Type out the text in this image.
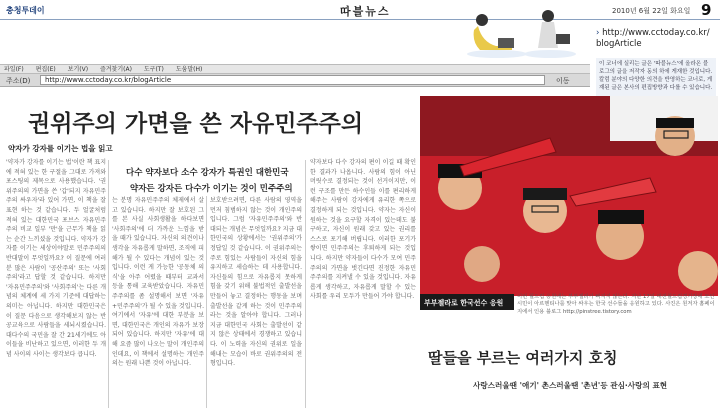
충청투데이	따블뉴스	2010년 6월 22일 화요일 9
파일(F) 편집(E) 보기(V) 즐겨찾기(A) 도구(T) 도움말(H)
주소(D)	http://www.cctoday.co.kr/blogArticle	이동
› http://www.cctoday.co.kr/
blogArticle
이 코너에 실리는 글은 '따블뉴스'에 올라온 블로그의 글을 저작자 동의 하에 게재한 것입니다. 칼럼 분야의 다양한 의견을 반영하는 코너로, 게재된 글은 본사의 편집방향과 다를 수 있습니다.
권위주의 가면을 쓴 자유민주주의
약자가 강자를 이기는 법을 읽고
다수 약자보다 소수 강자가 특권인 대한민국
약자든 강자든 다수가 이기는 것이 민주주의
'약자가 강자를 이기는 법'이란 책 표지에 적혀 있는 한 구절을 그대로 가져와 포스팅의 제목으로 사용했습니다. '권위주의의 가면을 쓴 '갑'되지 자유민주주의 싸우자'라 있어 가면, 이 책을 잘 표현 하는 것 같습니다. 두 얼굴처럼 적혀 있는 대한민국 포브스 자유민주주의 비교 일부 '만'을 근무가 책을 읽는 순간 느끼셨을 것입니다. 약자가 강자를 이기는 세상이야말로 민주주의의 반대말이 무엇일까요? 이 질문에 여러분 많은 사람이 '공산주의' 또는 '사회주의'라고 답할 것 같습니다. 하지만 '자유민주주의'와 '사회주의'는 다른 개념의 체계에 세 가지 기준에 대답하는 의미는 아닙니다. 하지만 대한민국은 이 질문 다음으로 생각해보지 않는 반공교육으로 사람들을 세뇌시켰습니다. 대다수의 국민을 잘 간 21세기에도 아이들을 비난하고 있으면, 이러한 두 개념 사이의 사이는 생각보다 큽니다.
는 분명 자유민주주의 체제에서 살고 있습니다. 하지만 잘 보호된 그를 본 사실 사회생활을 하다보면 '사회주의'에 더 가까운 느낌을 받을 때가 있습니다. 자신의 의견이나 생각을 자유롭게 말하면, 조직에 피해가 될 수 있다는 개념이 있는 것입니다. 이런 게 가능한 '공동체 의식'을 아주 어렸을 때부터 교과서 등을 통해 교육받았습니다. 자유민주주의를 좀 설명해서 보면 '자유+민주주의'가 될 수 있을 것입니다. 여기에서 '자유'에 대한 부분을 보면, 대한민국은 개인의 자유가 보장되어 있습니다. 하지만 '자유'에 대해 요즘 많이 나오는 말이 개인주의인데요, 이 책에서 설명하는 개인주의는 원래 나쁜 것이 아닙니다.
보호받으려면, 다른 사람의 영역을 먼저 침범하지 않는 것이 개인주의입니다. 그럼 '자유민주주의'와 반대되는 개념은 무엇일까요? 지금 대한민국의 상황에서는 '권위주의'가 정답일 것 같습니다. 이 권위주의는 주로 힘있는 사람들이 자신의 힘을 유지하고 세습하는 데 사용합니다. 자신들의 힘으로 자유롭지 못하게 힘을 갖기 위해 불법적인 출발선을 만들어 놓고 결정하는 행동을 보며 출발선을 같게 하는 것이 민주주의라는 것을 알아야 합니다. 그러나 지금 대한민국 사회는 출발선이 같지 않은 상태에서 경쟁하고 있습니다. 이 노력을 자신의 권위로 일을 해내는 모습이 바로 권위주의의 전형입니다.
약자보다 다수 강자의 편이 이길 때 확인한 결과가 나옵니다. 사람의 힘이 아닌 머릿수로 결정되는 것이 선거이지만, 이런 구조를 만든 하수인들 이를 편리하게 해주는 사람이 강자에게 유리한 쪽으로 결정하게 되는 것입니다. 약자는 자신이 원하는 것을 요구할 자격이 있는데도 불구하고, 자신이 원래 갖고 있는 권리를 스스로 포기해 버립니다. 이러한 포기가 쌓이면 민주주의는 후퇴하게 되는 것입니다. 하지만 약자들이 다수가 모여 민주주의의 가면을 벗긴다면 진정한 자유민주주의를 지켜낼 수 있을 것입니다. 자유롭게 생각하고, 자유롭게 말할 수 있는 사회를 우리 모두가 만들어 가야 합니다.
부부젤라로 한국선수 응원
이번 월드컵 응원에는 부부젤라가 빠지지 않는다. 지난 17일 대전월드컵경기장에 모인 시민이 아르헨티나를 맞아 싸우는 한국 선수들을 응원하고 있다. 사진은 원저자 홈페이지에서 인용 블로그 http://pinstree.tistory.com
딸들을 부르는 여러가지 호칭
사랑스러울땐 '애기' 촌스러울땐 '촌년'등 관심·사랑의 표현
